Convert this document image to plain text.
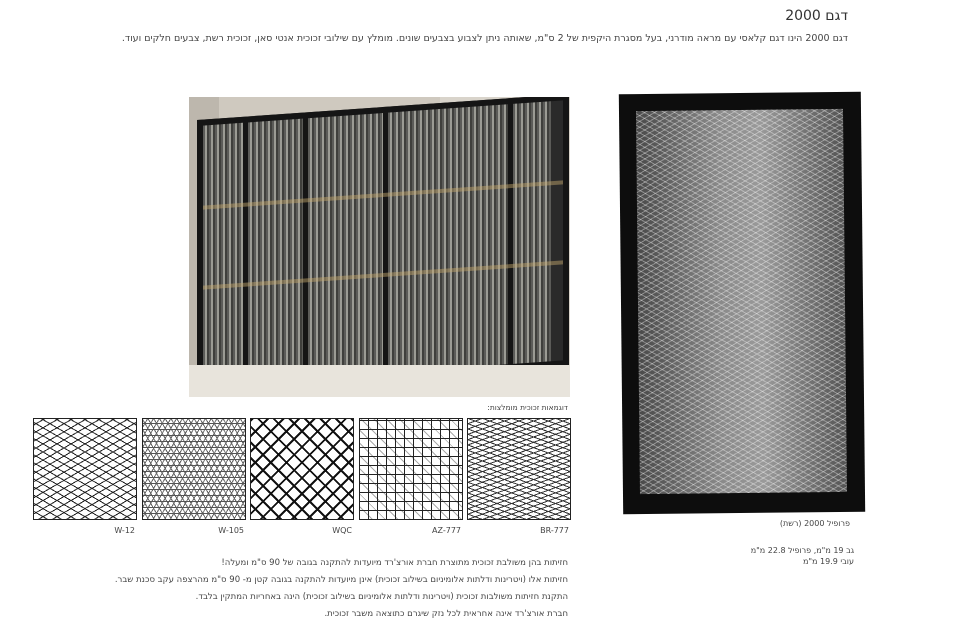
דגם 2000
דגם 2000 הינו דגם קלאסי עם מראה מודרני, בעל מסגרת היקפית של 2 ס"מ, שאותה ניתן לצבוע בצבעים שונים. מומלץ עם שילובי זכוכית אנטי סאן, זכוכית רשת, צבעים חלקים ועוד.
דוגמאות זכוכית מומלצות:
W-12	W-105	WQC	AZ-777	BR-777
פרופיל 2000 (רשת)
גב 19 מ"מ, פרופיל 22.8 מ"מ
עובי 19.9 מ"מ
חזיתות בהן משולבת זכוכית מתוצרת חברת אורצ'רד מיועדות להתקנה בגובה של 90 ס"מ ומעלה!
חזיתות אלו (ויטרינות ודלתות אלומיניום בשילוב זכוכית) אינן מיועדות להתקנה בגובה קטן מ- 90 ס"מ מהרצפה עקב סכנת שבר.
התקנת חזיתות משולבות זכוכית (ויטרינות ודלתות אלומיניום בשילוב זכוכית) הינה באחריות המתקין בלבד.
חברת אורצ'רד אינה אחראית לכל נזק שיגרם כתוצאה משבר זכוכית.
